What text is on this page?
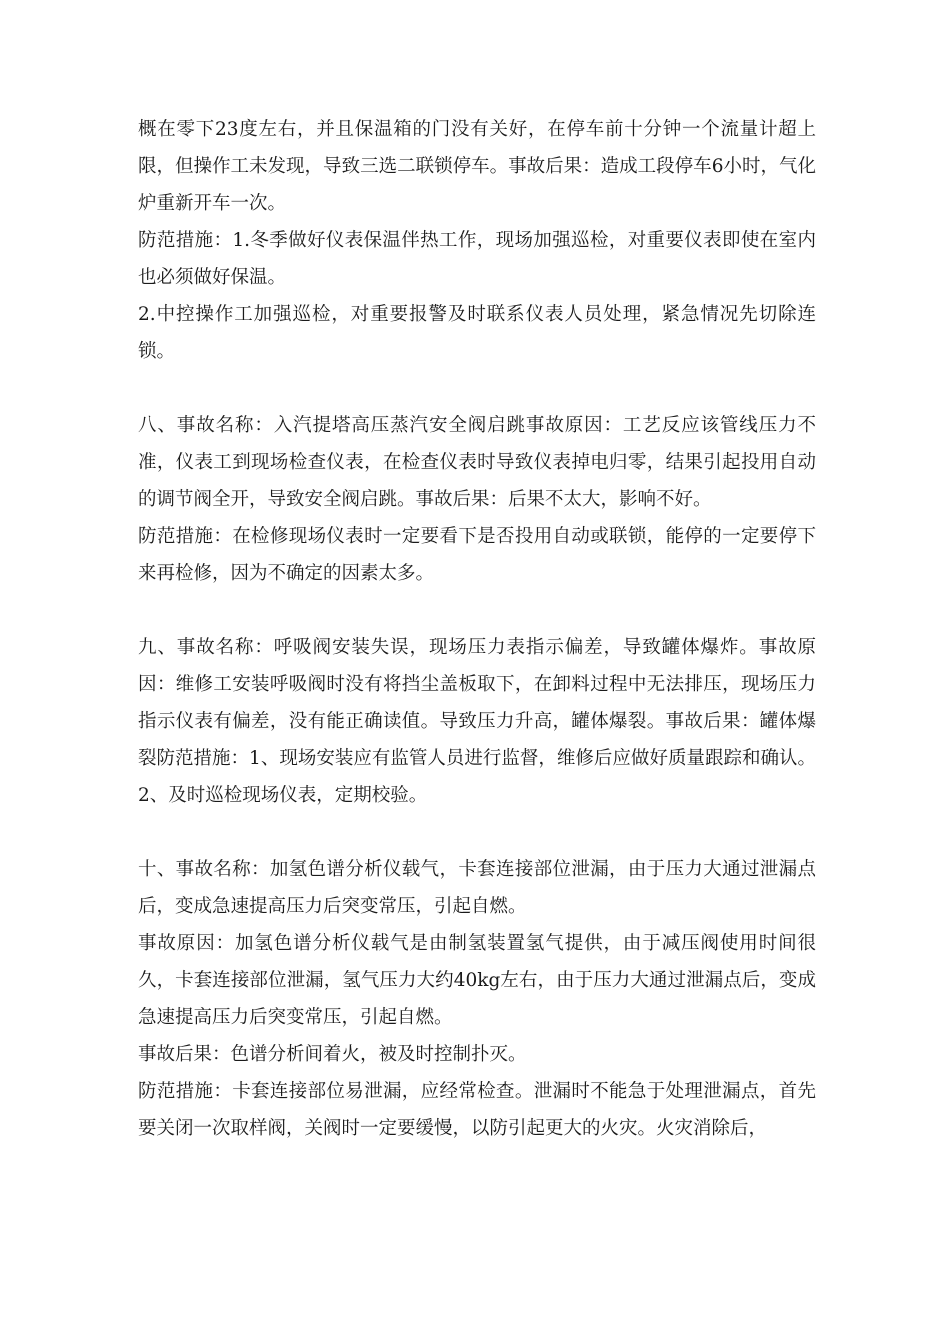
概在零下23度左右，并且保温箱的门没有关好，在停车前十分钟一个流量计超上限，但操作工未发现，导致三选二联锁停车。事故后果：造成工段停车6小时，气化炉重新开车一次。

防范措施：1.冬季做好仪表保温伴热工作，现场加强巡检，对重要仪表即使在室内也必须做好保温。

2.中控操作工加强巡检，对重要报警及时联系仪表人员处理，紧急情况先切除连锁。

八、事故名称：入汽提塔高压蒸汽安全阀启跳事故原因：工艺反应该管线压力不准，仪表工到现场检查仪表，在检查仪表时导致仪表掉电归零，结果引起投用自动的调节阀全开，导致安全阀启跳。事故后果：后果不太大，影响不好。

防范措施：在检修现场仪表时一定要看下是否投用自动或联锁，能停的一定要停下来再检修，因为不确定的因素太多。

九、事故名称：呼吸阀安装失误，现场压力表指示偏差，导致罐体爆炸。事故原因：维修工安装呼吸阀时没有将挡尘盖板取下，在卸料过程中无法排压，现场压力指示仪表有偏差，没有能正确读值。导致压力升高，罐体爆裂。事故后果：罐体爆裂防范措施：1、现场安装应有监管人员进行监督，维修后应做好质量跟踪和确认。2、及时巡检现场仪表，定期校验。

十、事故名称：加氢色谱分析仪载气，卡套连接部位泄漏，由于压力大通过泄漏点后，变成急速提高压力后突变常压，引起自燃。

事故原因：加氢色谱分析仪载气是由制氢装置氢气提供，由于减压阀使用时间很久，卡套连接部位泄漏，氢气压力大约40kg左右，由于压力大通过泄漏点后，变成急速提高压力后突变常压，引起自燃。

事故后果：色谱分析间着火，被及时控制扑灭。

防范措施：卡套连接部位易泄漏，应经常检查。泄漏时不能急于处理泄漏点，首先要关闭一次取样阀，关阀时一定要缓慢，以防引起更大的火灾。火灾消除后，
